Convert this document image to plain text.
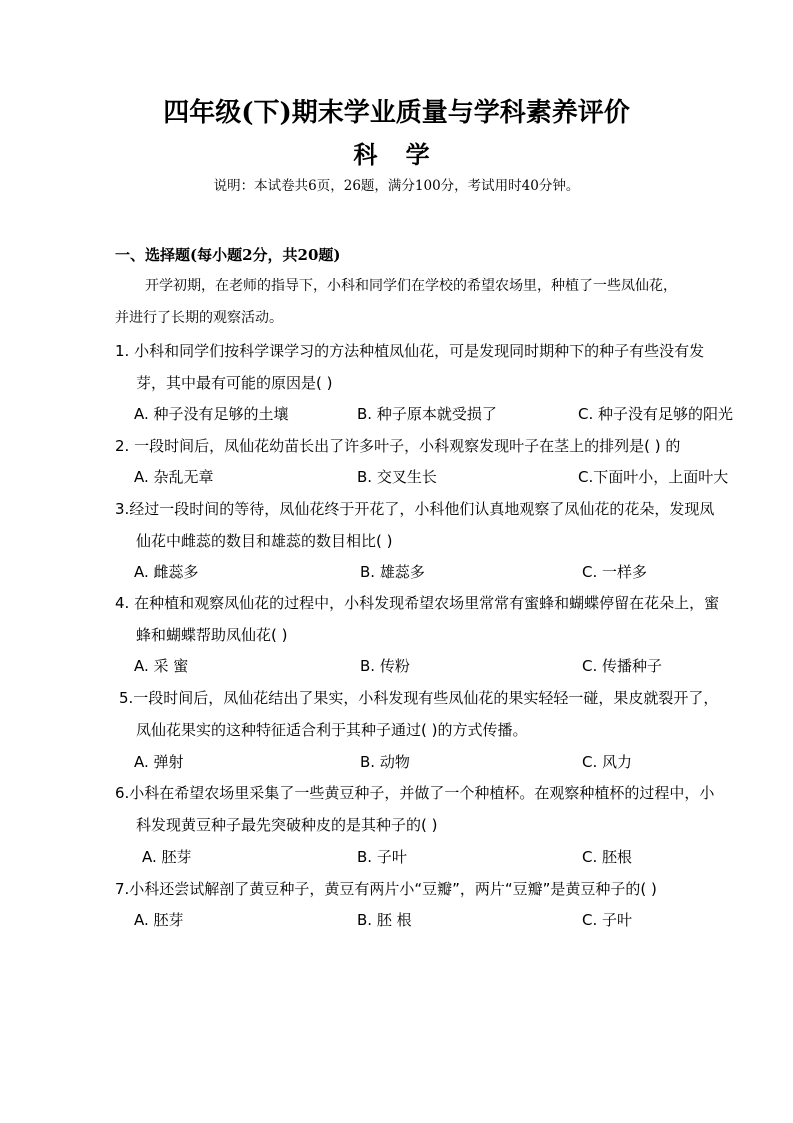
四年级(下)期末学业质量与学科素养评价
科 学
说明：本试卷共6页，26题，满分100分，考试用时40分钟。
一、选择题(每小题2分，共20题)
开学初期，在老师的指导下，小科和同学们在学校的希望农场里，种植了一些凤仙花，
并进行了长期的观察活动。
1. 小科和同学们按科学课学习的方法种植凤仙花，可是发现同时期种下的种子有些没有发
芽，其中最有可能的原因是( )
A. 种子没有足够的土壤	B. 种子原本就受损了	C. 种子没有足够的阳光
2. 一段时间后，凤仙花幼苗长出了许多叶子，小科观察发现叶子在茎上的排列是( ) 的
A. 杂乱无章	B. 交叉生长	C.下面叶小，上面叶大
3.经过一段时间的等待，凤仙花终于开花了，小科他们认真地观察了凤仙花的花朵，发现凤
仙花中雌蕊的数目和雄蕊的数目相比( )
A. 雌蕊多	B. 雄蕊多	C. 一样多
4. 在种植和观察凤仙花的过程中，小科发现希望农场里常常有蜜蜂和蝴蝶停留在花朵上，蜜
蜂和蝴蝶帮助凤仙花( )
A. 采 蜜	B. 传粉	C. 传播种子
5.一段时间后，凤仙花结出了果实，小科发现有些凤仙花的果实轻轻一碰，果皮就裂开了，
凤仙花果实的这种特征适合利于其种子通过( )的方式传播。
A. 弹射	B. 动物	C. 风力
6.小科在希望农场里采集了一些黄豆种子，并做了一个种植杯。在观察种植杯的过程中，小
科发现黄豆种子最先突破种皮的是其种子的( )
A. 胚芽	B. 子叶	C. 胚根
7.小科还尝试解剖了黄豆种子，黄豆有两片小“豆瓣”，两片“豆瓣”是黄豆种子的( )
A. 胚芽	B. 胚 根	C. 子叶
